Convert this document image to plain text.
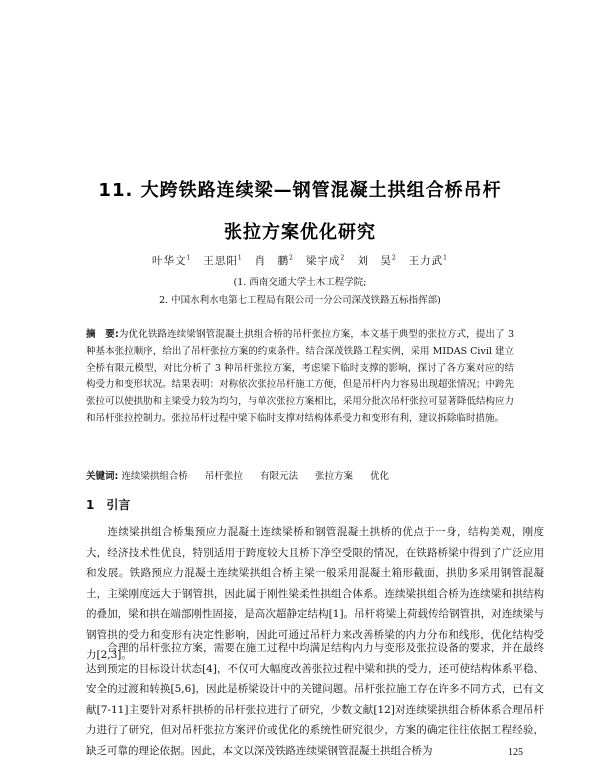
11. 大跨铁路连续梁—钢管混凝土拱组合桥吊杆
张拉方案优化研究
叶华文$^1$ 王思阳$^1$ 肖　鹏$^2$ 梁宇成$^2$ 刘　昊$^2$ 王力武$^1$
(1. 西南交通大学土木工程学院;
2. 中国水利水电第七工程局有限公司一分公司深茂铁路五标指挥部)
摘　要:为优化铁路连续梁钢管混凝土拱组合桥的吊杆张拉方案，本文基于典型的张拉方式，提出了 3 种基本张拉顺序，给出了吊杆张拉方案的约束条件。结合深茂铁路工程实例，采用 MIDAS Civil 建立全桥有限元模型，对比分析了 3 种吊杆张拉方案，考虑梁下临时支撑的影响，探讨了各方案对应的结构受力和变形状况。结果表明：对称依次张拉吊杆施工方便，但是吊杆内力容易出现超张情况；中跨先张拉可以使拱肋和主梁受力较为均匀，与单次张拉方案相比，采用分批次吊杆张拉可显著降低结构应力和吊杆张拉控制力。张拉吊杆过程中梁下临时支撑对结构体系受力和变形有利，建议拆除临时措施。
关键词: 连续梁拱组合桥 吊杆张拉 有限元法 张拉方案 优化
1 引言
连续梁拱组合桥集预应力混凝土连续梁桥和钢管混凝土拱桥的优点于一身，结构美观，刚度大，经济技术性优良，特别适用于跨度较大且桥下净空受限的情况，在铁路桥梁中得到了广泛应用和发展。铁路预应力混凝土连续梁拱组合桥主梁一般采用混凝土箱形截面，拱肋多采用钢管混凝土，主梁刚度远大于钢管拱，因此属于刚性梁柔性拱组合体系。连续梁拱组合桥为连续梁和拱结构的叠加，梁和拱在端部刚性固接，是高次超静定结构[1]。吊杆将梁上荷载传给钢管拱，对连续梁与钢管拱的受力和变形有决定性影响，因此可通过吊杆力来改善桥梁的内力分布和线形，优化结构受力[2,3]。
合理的吊杆张拉方案，需要在施工过程中均满足结构内力与变形及张拉设备的要求，并在最终达到预定的目标设计状态[4]，不仅可大幅度改善张拉过程中梁和拱的受力，还可使结构体系平稳、安全的过渡和转换[5,6]，因此是桥梁设计中的关键问题。吊杆张拉施工存在许多不同方式，已有文献[7-11]主要针对系杆拱桥的吊杆张拉进行了研究，少数文献[12]对连续梁拱组合桥体系合理吊杆力进行了研究，但对吊杆张拉方案评价或优化的系统性研究很少，方案的确定往往依据工程经验，缺乏可靠的理论依据。因此，本文以深茂铁路连续梁钢管混凝土拱组合桥为	125
